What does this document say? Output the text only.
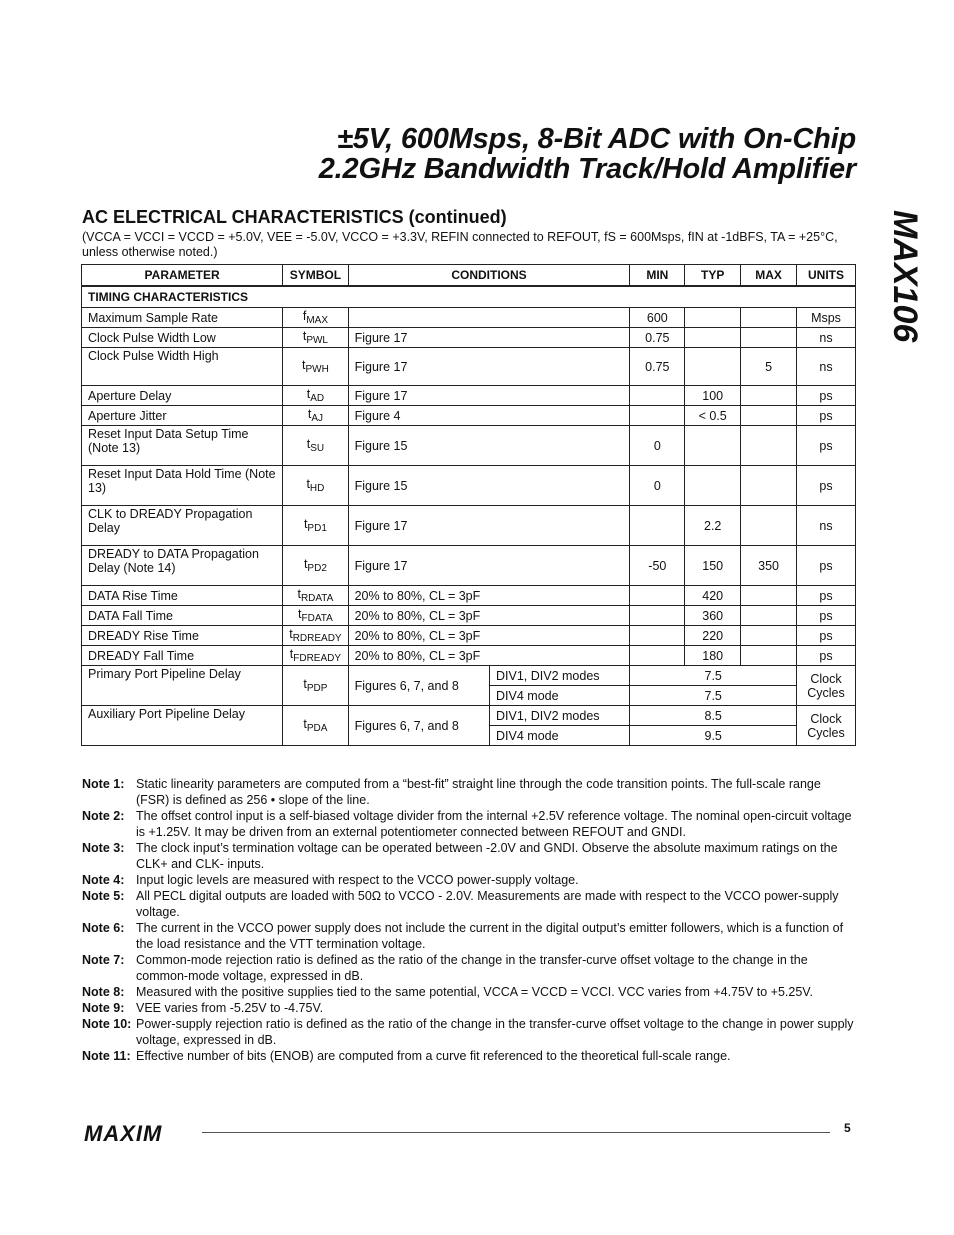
±5V, 600Msps, 8-Bit ADC with On-Chip
2.2GHz Bandwidth Track/Hold Amplifier
MAX106
AC ELECTRICAL CHARACTERISTICS (continued)
(VCCA = VCCI = VCCD = +5.0V, VEE = -5.0V, VCCO = +3.3V, REFIN connected to REFOUT, fS = 600Msps, fIN at -1dBFS, TA = +25°C,
unless otherwise noted.)
PARAMETER	SYMBOL	CONDITIONS		MIN	TYP	MAX	UNITS
TIMING CHARACTERISTICS							
Maximum Sample Rate	$f_{MAX}$			600			Msps
Clock Pulse Width Low	$t_{PWL}$	Figure 17		0.75			ns
Clock Pulse Width High	$t_{PWH}$	Figure 17		0.75		5	ns
Aperture Delay	$t_{AD}$	Figure 17			100		ps
Aperture Jitter	$t_{AJ}$	Figure 4			< 0.5		ps
Reset Input Data Setup Time (Note 13)	$t_{SU}$	Figure 15		0			ps
Reset Input Data Hold Time (Note 13)	$t_{HD}$	Figure 15		0			ps
CLK to DREADY Propagation Delay	$t_{PD1}$	Figure 17			2.2		ns
DREADY to DATA Propagation Delay (Note 14)	$t_{PD2}$	Figure 17		-50	150	350	ps
DATA Rise Time	$t_{RDATA}$	20% to 80%, CL = 3pF			420		ps
DATA Fall Time	$t_{FDATA}$	20% to 80%, CL = 3pF			360		ps
DREADY Rise Time	$t_{RDREADY}$	20% to 80%, CL = 3pF			220		ps
DREADY Fall Time	$t_{FDREADY}$	20% to 80%, CL = 3pF			180		ps
Primary Port Pipeline Delay	$t_{PDP}$	Figures 6, 7, and 8	DIV1, DIV2 modes	7.5			Clock Cycles
			DIV4 mode	7.5			
Auxiliary Port Pipeline Delay	$t_{PDA}$	Figures 6, 7, and 8	DIV1, DIV2 modes	8.5			Clock Cycles
			DIV4 mode	9.5			
Note 1: Static linearity parameters are computed from a “best-fit” straight line through the code transition points. The full-scale range (FSR) is defined as 256 • slope of the line.
Note 2: The offset control input is a self-biased voltage divider from the internal +2.5V reference voltage. The nominal open-circuit voltage is +1.25V. It may be driven from an external potentiometer connected between REFOUT and GNDI.
Note 3: The clock input’s termination voltage can be operated between -2.0V and GNDI. Observe the absolute maximum ratings on the CLK+ and CLK- inputs.
Note 4: Input logic levels are measured with respect to the VCCO power-supply voltage.
Note 5: All PECL digital outputs are loaded with 50Ω to VCCO - 2.0V. Measurements are made with respect to the VCCO power-supply voltage.
Note 6: The current in the VCCO power supply does not include the current in the digital output’s emitter followers, which is a function of the load resistance and the VTT termination voltage.
Note 7: Common-mode rejection ratio is defined as the ratio of the change in the transfer-curve offset voltage to the change in the common-mode voltage, expressed in dB.
Note 8: Measured with the positive supplies tied to the same potential, VCCA = VCCD = VCCI. VCC varies from +4.75V to +5.25V.
Note 9: VEE varies from -5.25V to -4.75V.
Note 10: Power-supply rejection ratio is defined as the ratio of the change in the transfer-curve offset voltage to the change in power supply voltage, expressed in dB.
Note 11: Effective number of bits (ENOB) are computed from a curve fit referenced to the theoretical full-scale range.
MAXIM	5
